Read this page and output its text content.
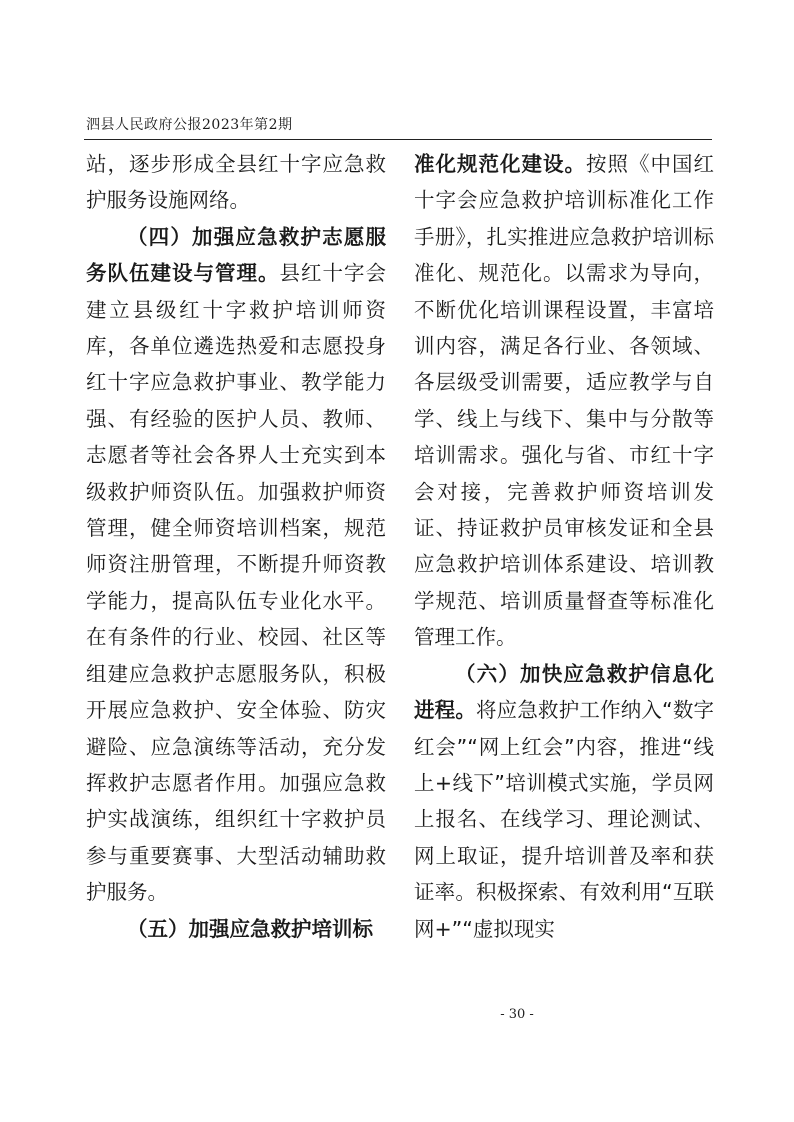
泗县人民政府公报2023年第2期

站，逐步形成全县红十字应急救护服务设施网络。

（四）加强应急救护志愿服务队伍建设与管理。县红十字会建立县级红十字救护培训师资库，各单位遴选热爱和志愿投身红十字应急救护事业、教学能力强、有经验的医护人员、教师、志愿者等社会各界人士充实到本级救护师资队伍。加强救护师资管理，健全师资培训档案，规范师资注册管理，不断提升师资教学能力，提高队伍专业化水平。在有条件的行业、校园、社区等组建应急救护志愿服务队，积极开展应急救护、安全体验、防灾避险、应急演练等活动，充分发挥救护志愿者作用。加强应急救护实战演练，组织红十字救护员参与重要赛事、大型活动辅助救护服务。

（五）加强应急救护培训标

准化规范化建设。按照《中国红十字会应急救护培训标准化工作手册》，扎实推进应急救护培训标准化、规范化。以需求为导向，不断优化培训课程设置，丰富培训内容，满足各行业、各领域、各层级受训需要，适应教学与自学、线上与线下、集中与分散等培训需求。强化与省、市红十字会对接，完善救护师资培训发证、持证救护员审核发证和全县应急救护培训体系建设、培训教学规范、培训质量督查等标准化管理工作。

（六）加快应急救护信息化进程。将应急救护工作纳入“数字红会”“网上红会”内容，推进“线上+线下”培训模式实施，学员网上报名、在线学习、理论测试、网上取证，提升培训普及率和获证率。积极探索、有效利用“互联网+”“虚拟现实

- 30 -
